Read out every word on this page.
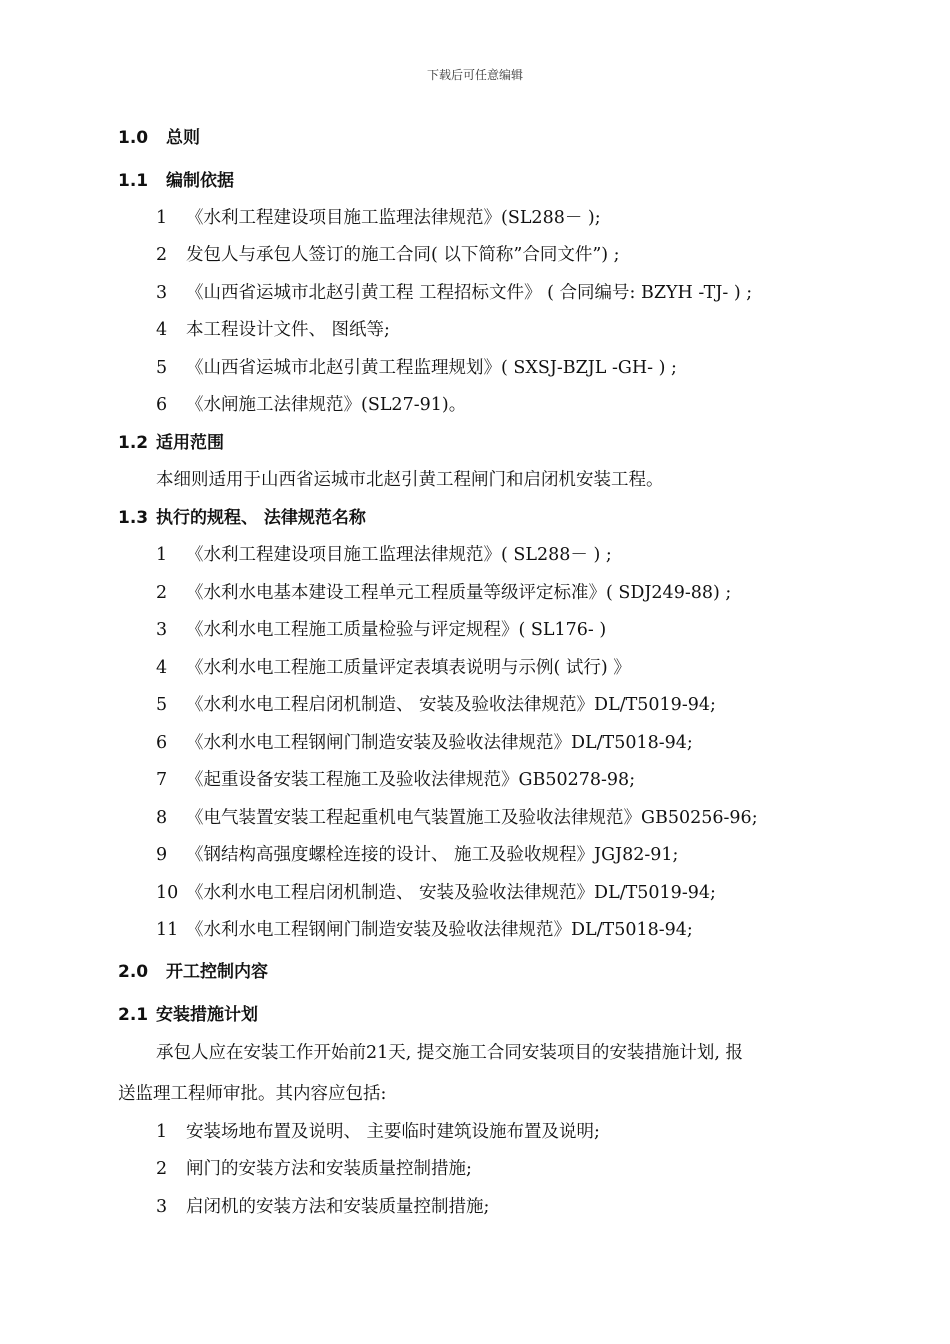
下载后可任意编辑
1.0 总则
1.1 编制依据
1 《水利工程建设项目施工监理法律规范》(SL288－ );
2 发包人与承包人签订的施工合同( 以下简称”合同文件”) ;
3 《山西省运城市北赵引黄工程 工程招标文件》 ( 合同编号: BZYH -TJ- ) ;
4 本工程设计文件、 图纸等;
5 《山西省运城市北赵引黄工程监理规划》( SXSJ-BZJL -GH- ) ;
6 《水闸施工法律规范》(SL27-91)。
1.2 适用范围
本细则适用于山西省运城市北赵引黄工程闸门和启闭机安装工程。
1.3 执行的规程、 法律规范名称
1 《水利工程建设项目施工监理法律规范》( SL288－ ) ;
2 《水利水电基本建设工程单元工程质量等级评定标准》( SDJ249-88) ;
3 《水利水电工程施工质量检验与评定规程》( SL176- )
4 《水利水电工程施工质量评定表填表说明与示例( 试行) 》
5 《水利水电工程启闭机制造、 安装及验收法律规范》DL/T5019-94;
6 《水利水电工程钢闸门制造安装及验收法律规范》DL/T5018-94;
7 《起重设备安装工程施工及验收法律规范》GB50278-98;
8 《电气装置安装工程起重机电气装置施工及验收法律规范》GB50256-96;
9 《钢结构高强度螺栓连接的设计、 施工及验收规程》JGJ82-91;
10 《水利水电工程启闭机制造、 安装及验收法律规范》DL/T5019-94;
11 《水利水电工程钢闸门制造安装及验收法律规范》DL/T5018-94;
2.0 开工控制内容
2.1 安装措施计划
承包人应在安装工作开始前21天, 提交施工合同安装项目的安装措施计划, 报
送监理工程师审批。其内容应包括:
1 安装场地布置及说明、 主要临时建筑设施布置及说明;
2 闸门的安装方法和安装质量控制措施;
3 启闭机的安装方法和安装质量控制措施;
